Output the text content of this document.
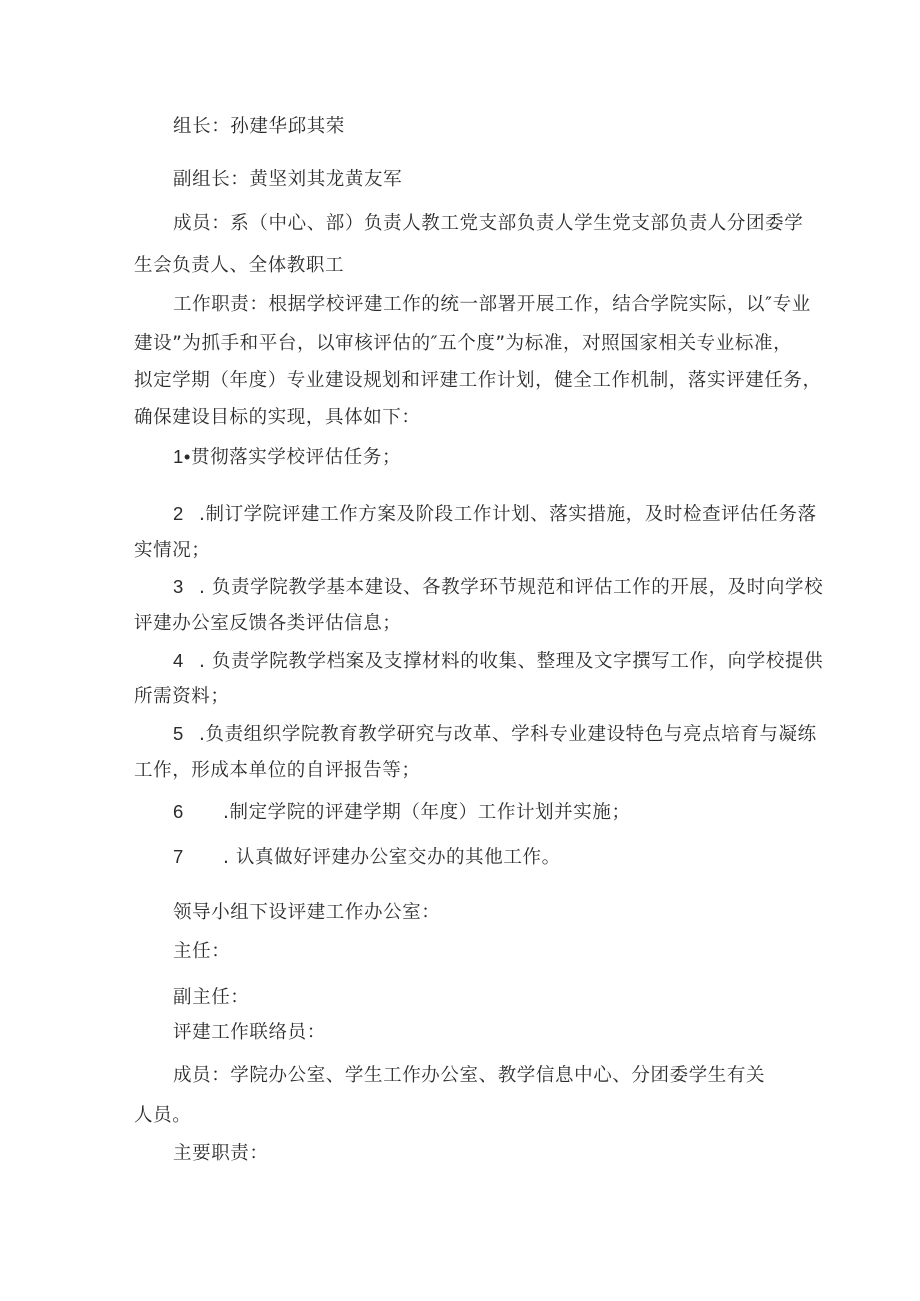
组长：孙建华邱其荣

副组长：黄坚刘其龙黄友军

成员：系（中心、部）负责人教工党支部负责人学生党支部负责人分团委学

生会负责人、全体教职工

工作职责：根据学校评建工作的统一部署开展工作，结合学院实际，以″专业

建设”为抓手和平台，以审核评估的″五个度”为标准，对照国家相关专业标准，

拟定学期（年度）专业建设规划和评建工作计划，健全工作机制，落实评建任务，

确保建设目标的实现，具体如下：

1•贯彻落实学校评估任务；

2 .制订学院评建工作方案及阶段工作计划、落实措施，及时检查评估任务落

实情况；

3 . 负责学院教学基本建设、各教学环节规范和评估工作的开展，及时向学校

评建办公室反馈各类评估信息；

4 . 负责学院教学档案及支撑材料的收集、整理及文字撰写工作，向学校提供

所需资料；

5 .负责组织学院教育教学研究与改革、学科专业建设特色与亮点培育与凝练

工作，形成本单位的自评报告等；

6 .制定学院的评建学期（年度）工作计划并实施；

7 . 认真做好评建办公室交办的其他工作。

领导小组下设评建工作办公室：

主任：

副主任：

评建工作联络员：

成员：学院办公室、学生工作办公室、教学信息中心、分团委学生有关

人员。

主要职责：
